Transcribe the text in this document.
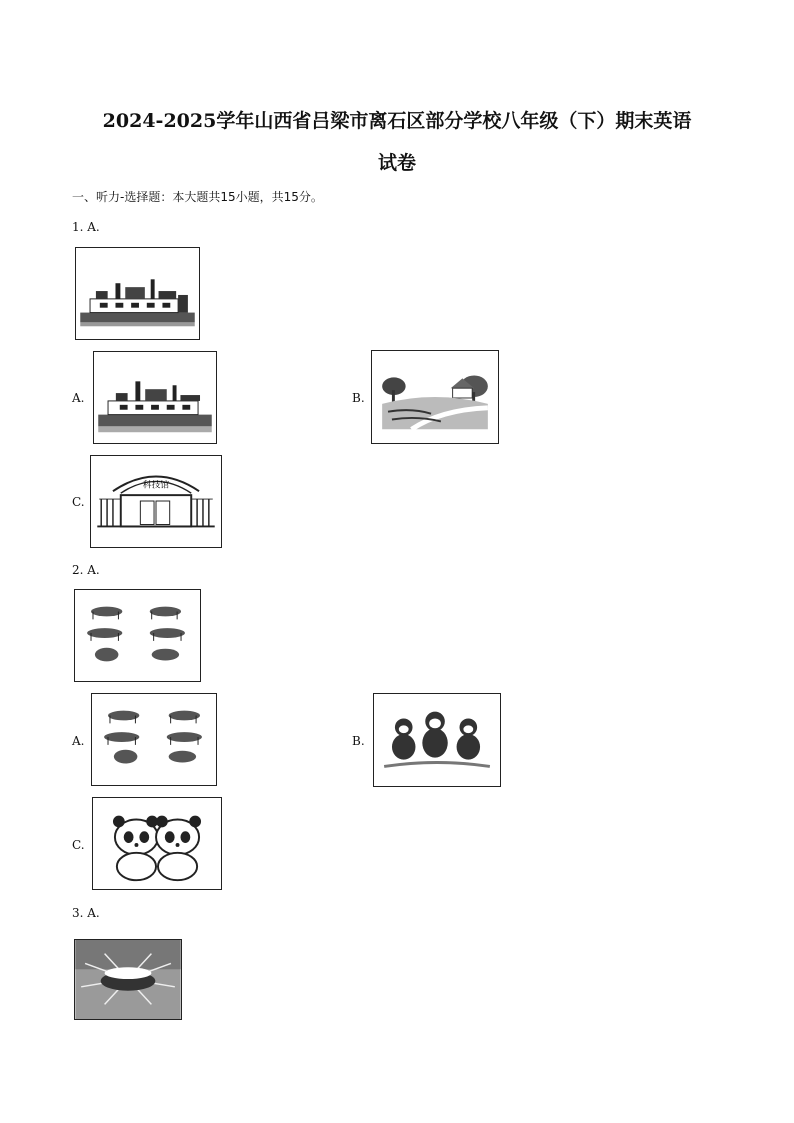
2024-2025学年山西省吕梁市离石区部分学校八年级（下）期末英语
试卷
一、听力-选择题：本大题共15小题，共15分。
1. A.
A.	B.
C.
科技馆
2. A.
A.	B.
C.
3. A.
